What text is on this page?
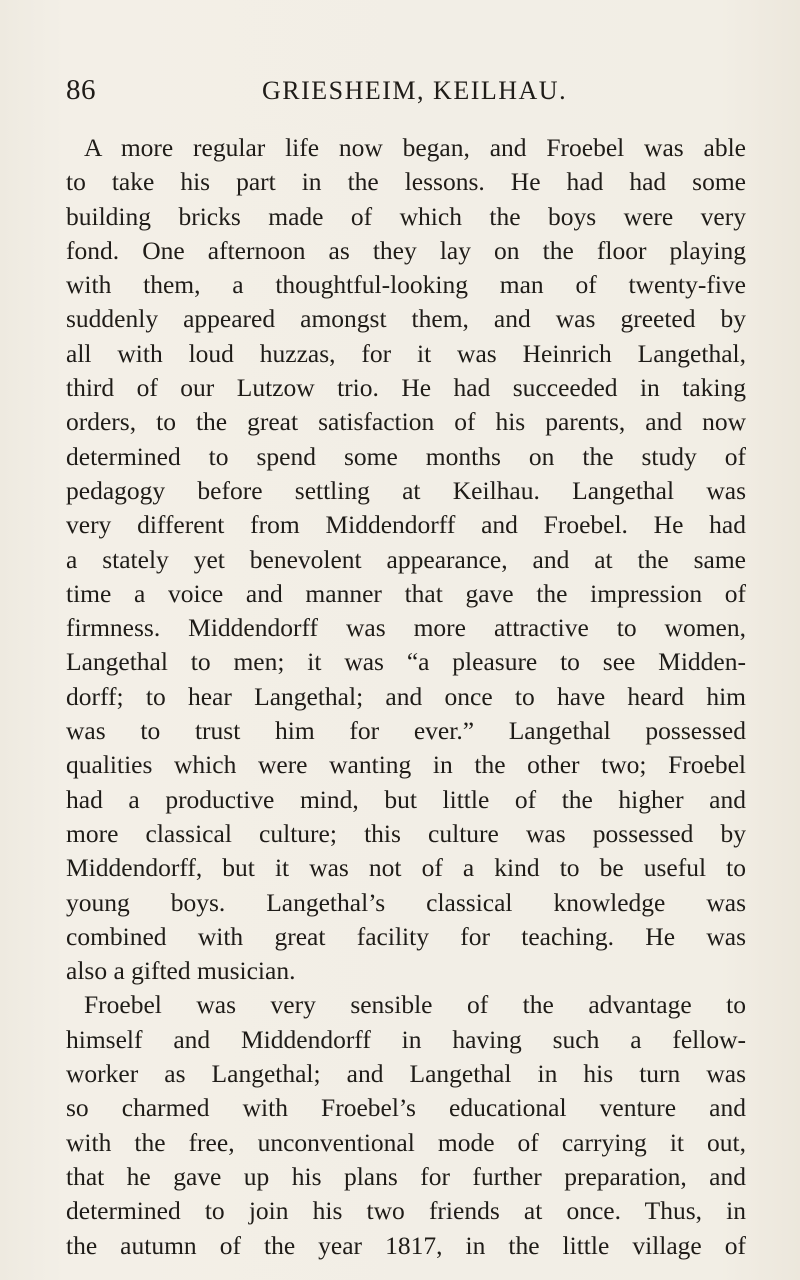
86	GRIESHEIM, KEILHAU.
A more regular life now began, and Froebel was able
to take his part in the lessons. He had had some
building bricks made of which the boys were very
fond. One afternoon as they lay on the floor playing
with them, a thoughtful-looking man of twenty-five
suddenly appeared amongst them, and was greeted by
all with loud huzzas, for it was Heinrich Langethal,
third of our Lutzow trio. He had succeeded in taking
orders, to the great satisfaction of his parents, and now
determined to spend some months on the study of
pedagogy before settling at Keilhau. Langethal was
very different from Middendorff and Froebel. He had
a stately yet benevolent appearance, and at the same
time a voice and manner that gave the impression of
firmness. Middendorff was more attractive to women,
Langethal to men; it was “a pleasure to see Midden-
dorff; to hear Langethal; and once to have heard him
was to trust him for ever.” Langethal possessed
qualities which were wanting in the other two; Froebel
had a productive mind, but little of the higher and
more classical culture; this culture was possessed by
Middendorff, but it was not of a kind to be useful to
young boys. Langethal’s classical knowledge was
combined with great facility for teaching. He was
also a gifted musician.
Froebel was very sensible of the advantage to
himself and Middendorff in having such a fellow-
worker as Langethal; and Langethal in his turn was
so charmed with Froebel’s educational venture and
with the free, unconventional mode of carrying it out,
that he gave up his plans for further preparation, and
determined to join his two friends at once. Thus, in
the autumn of the year 1817, in the little village of
